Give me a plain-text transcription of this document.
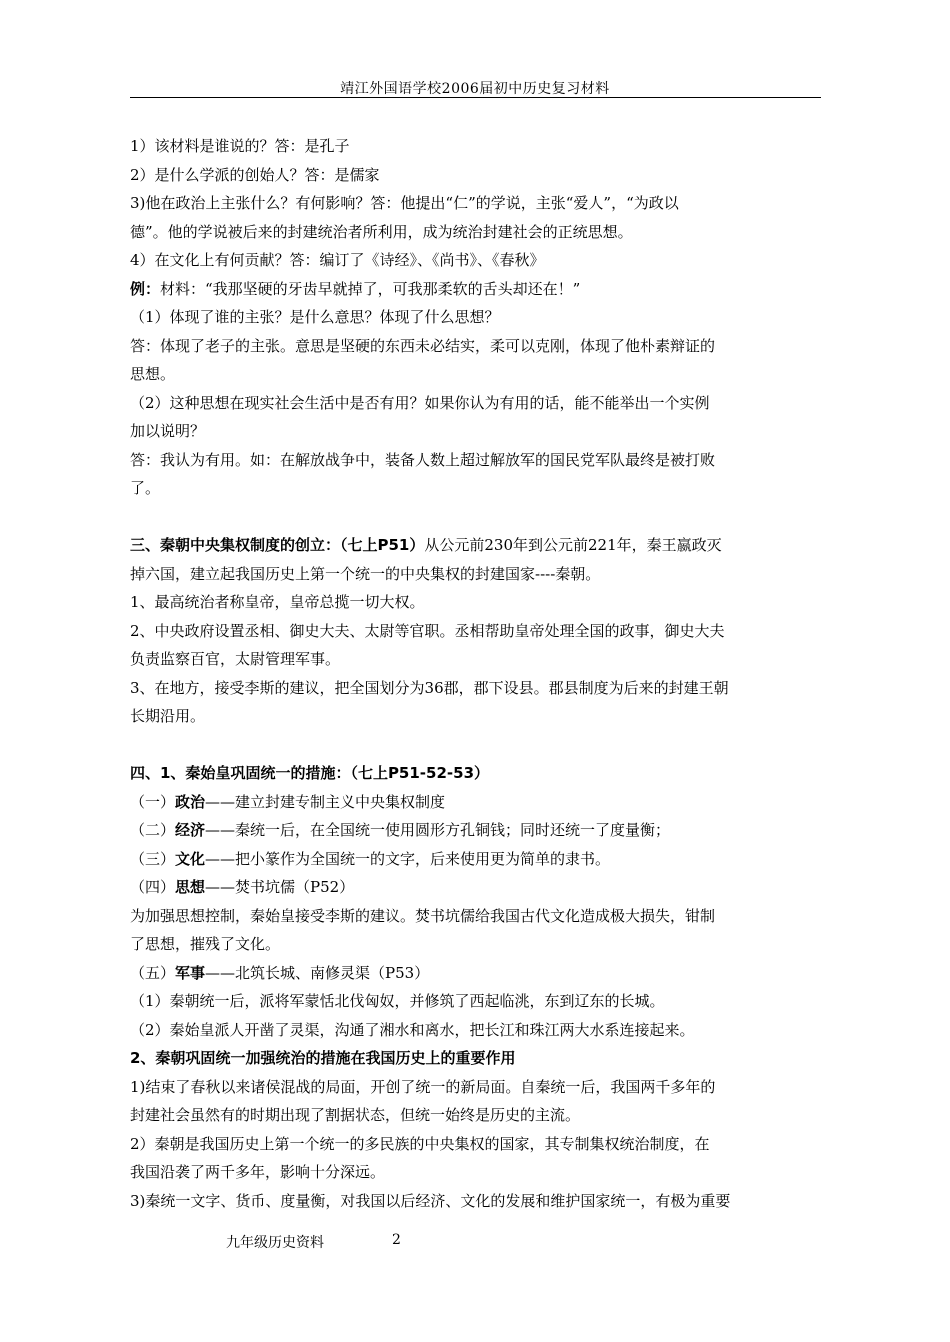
靖江外国语学校2006届初中历史复习材料
1）该材料是谁说的？答：是孔子
2）是什么学派的创始人？答：是儒家
3)他在政治上主张什么？有何影响？答：他提出“仁”的学说，主张“爱人”，“为政以
德”。他的学说被后来的封建统治者所利用，成为统治封建社会的正统思想。
4）在文化上有何贡献？答：编订了《诗经》、《尚书》、《春秋》
例：材料：“我那坚硬的牙齿早就掉了，可我那柔软的舌头却还在！”
（1）体现了谁的主张？是什么意思？体现了什么思想？
答：体现了老子的主张。意思是坚硬的东西未必结实，柔可以克刚，体现了他朴素辩证的
思想。
（2）这种思想在现实社会生活中是否有用？如果你认为有用的话，能不能举出一个实例
加以说明？
答：我认为有用。如：在解放战争中，装备人数上超过解放军的国民党军队最终是被打败
了。
三、秦朝中央集权制度的创立：（七上P51）从公元前230年到公元前221年，秦王嬴政灭
掉六国，建立起我国历史上第一个统一的中央集权的封建国家----秦朝。
1、最高统治者称皇帝，皇帝总揽一切大权。
2、中央政府设置丞相、御史大夫、太尉等官职。丞相帮助皇帝处理全国的政事，御史大夫
负责监察百官，太尉管理军事。
3、在地方，接受李斯的建议，把全国划分为36郡，郡下设县。郡县制度为后来的封建王朝
长期沿用。
四、1、秦始皇巩固统一的措施：（七上P51-52-53）
（一）政治——建立封建专制主义中央集权制度
（二）经济——秦统一后，在全国统一使用圆形方孔铜钱；同时还统一了度量衡；
（三）文化——把小篆作为全国统一的文字，后来使用更为简单的隶书。
（四）思想——焚书坑儒（P52）
为加强思想控制，秦始皇接受李斯的建议。焚书坑儒给我国古代文化造成极大损失，钳制
了思想，摧残了文化。
（五）军事——北筑长城、南修灵渠（P53）
（1）秦朝统一后，派将军蒙恬北伐匈奴，并修筑了西起临洮，东到辽东的长城。
（2）秦始皇派人开凿了灵渠，沟通了湘水和离水，把长江和珠江两大水系连接起来。
2、秦朝巩固统一加强统治的措施在我国历史上的重要作用
1)结束了春秋以来诸侯混战的局面，开创了统一的新局面。自秦统一后，我国两千多年的
封建社会虽然有的时期出现了割据状态，但统一始终是历史的主流。
2）秦朝是我国历史上第一个统一的多民族的中央集权的国家，其专制集权统治制度，在
我国沿袭了两千多年，影响十分深远。
3)秦统一文字、货币、度量衡，对我国以后经济、文化的发展和维护国家统一，有极为重要
九年级历史资料	2
